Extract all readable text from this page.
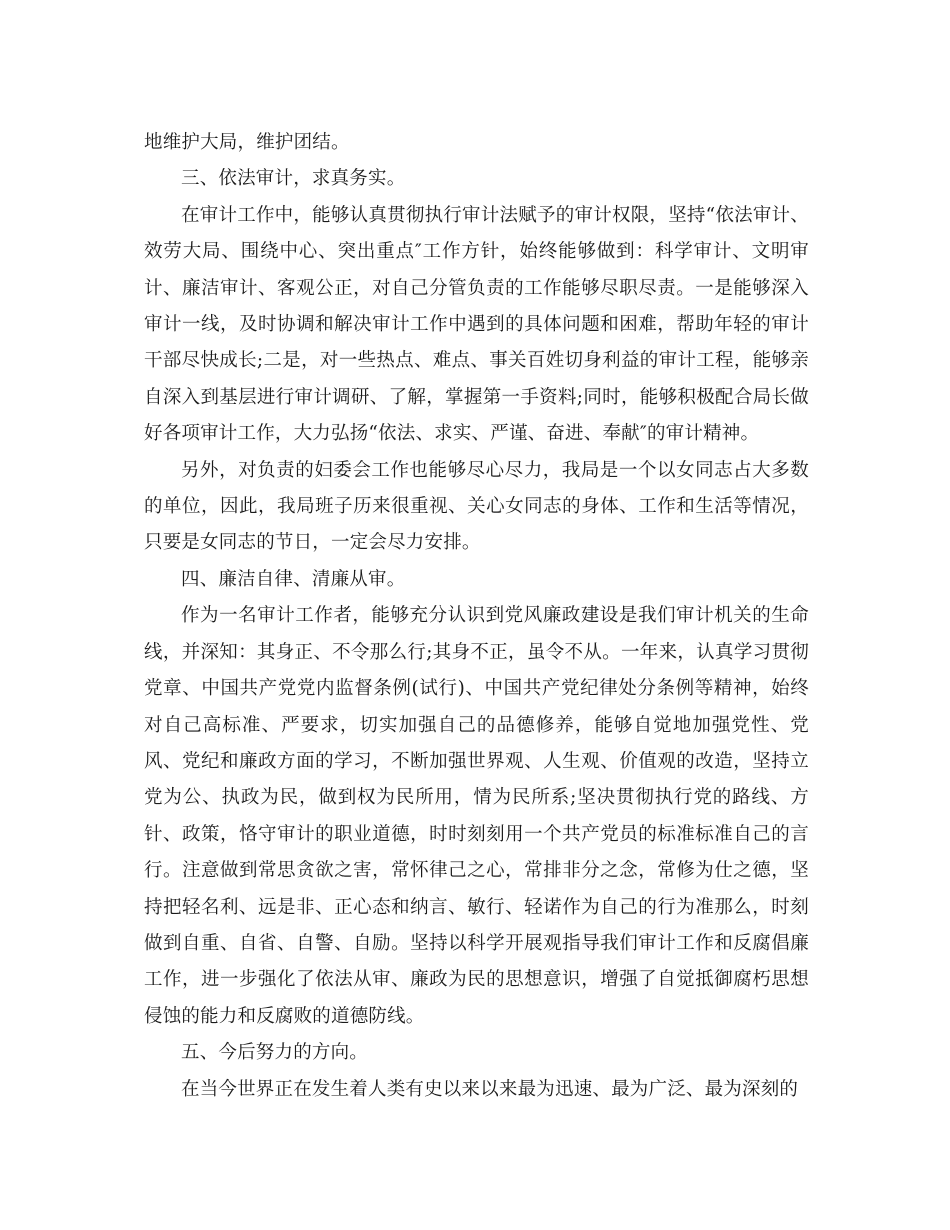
地维护大局，维护团结。

三、依法审计，求真务实。

在审计工作中，能够认真贯彻执行审计法赋予的审计权限，坚持“依法审计、效劳大局、围绕中心、突出重点″工作方针，始终能够做到：科学审计、文明审计、廉洁审计、客观公正，对自己分管负责的工作能够尽职尽责。一是能够深入审计一线，及时协调和解决审计工作中遇到的具体问题和困难，帮助年轻的审计干部尽快成长;二是，对一些热点、难点、事关百姓切身利益的审计工程，能够亲自深入到基层进行审计调研、了解，掌握第一手资料;同时，能够积极配合局长做好各项审计工作，大力弘扬“依法、求实、严谨、奋进、奉献″的审计精神。

另外，对负责的妇委会工作也能够尽心尽力，我局是一个以女同志占大多数的单位，因此，我局班子历来很重视、关心女同志的身体、工作和生活等情况，只要是女同志的节日，一定会尽力安排。

四、廉洁自律、清廉从审。

作为一名审计工作者，能够充分认识到党风廉政建设是我们审计机关的生命线，并深知：其身正、不令那么行;其身不正，虽令不从。一年来，认真学习贯彻党章、中国共产党党内监督条例(试行)、中国共产党纪律处分条例等精神，始终对自己高标准、严要求，切实加强自己的品德修养，能够自觉地加强党性、党风、党纪和廉政方面的学习，不断加强世界观、人生观、价值观的改造，坚持立党为公、执政为民，做到权为民所用，情为民所系;坚决贯彻执行党的路线、方针、政策，恪守审计的职业道德，时时刻刻用一个共产党员的标准标准自己的言行。注意做到常思贪欲之害，常怀律己之心，常排非分之念，常修为仕之德，坚持把轻名利、远是非、正心态和纳言、敏行、轻诺作为自己的行为准那么，时刻做到自重、自省、自警、自励。坚持以科学开展观指导我们审计工作和反腐倡廉工作，进一步强化了依法从审、廉政为民的思想意识，增强了自觉抵御腐朽思想侵蚀的能力和反腐败的道德防线。

五、今后努力的方向。

在当今世界正在发生着人类有史以来以来最为迅速、最为广泛、最为深刻的
